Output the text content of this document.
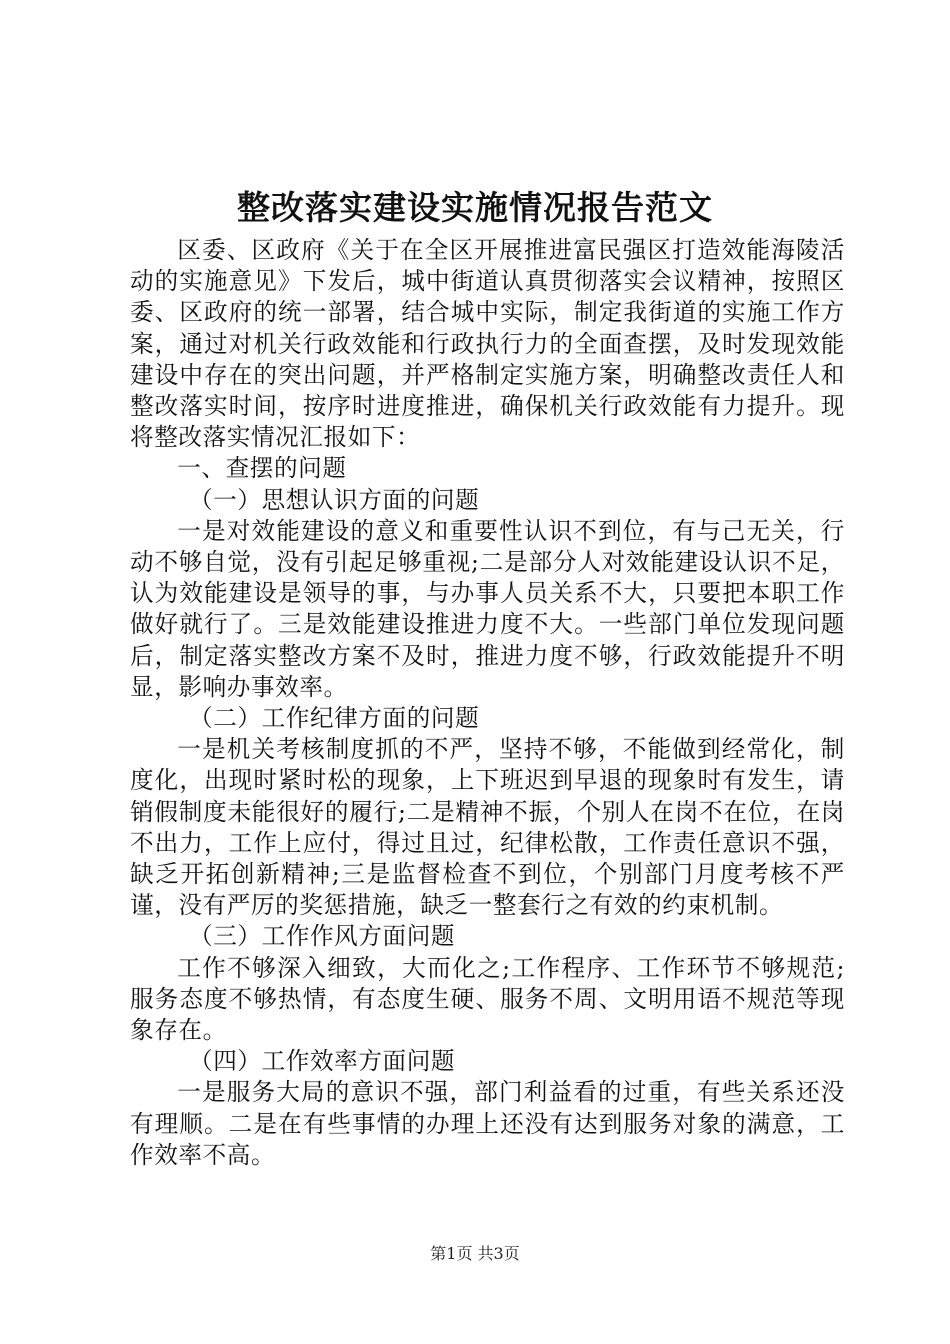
整改落实建设实施情况报告范文

区委、区政府《关于在全区开展推进富民强区打造效能海陵活动的实施意见》下发后，城中街道认真贯彻落实会议精神，按照区委、区政府的统一部署，结合城中实际，制定我街道的实施工作方案，通过对机关行政效能和行政执行力的全面查摆，及时发现效能建设中存在的突出问题，并严格制定实施方案，明确整改责任人和整改落实时间，按序时进度推进，确保机关行政效能有力提升。现将整改落实情况汇报如下：

一、查摆的问题

（一）思想认识方面的问题

一是对效能建设的意义和重要性认识不到位，有与己无关，行动不够自觉，没有引起足够重视;二是部分人对效能建设认识不足，认为效能建设是领导的事，与办事人员关系不大，只要把本职工作做好就行了。三是效能建设推进力度不大。一些部门单位发现问题后，制定落实整改方案不及时，推进力度不够，行政效能提升不明显，影响办事效率。

（二）工作纪律方面的问题

一是机关考核制度抓的不严，坚持不够，不能做到经常化，制度化，出现时紧时松的现象，上下班迟到早退的现象时有发生，请销假制度未能很好的履行;二是精神不振，个别人在岗不在位，在岗不出力，工作上应付，得过且过，纪律松散，工作责任意识不强，缺乏开拓创新精神;三是监督检查不到位，个别部门月度考核不严谨，没有严厉的奖惩措施，缺乏一整套行之有效的约束机制。

（三）工作作风方面问题

工作不够深入细致，大而化之;工作程序、工作环节不够规范;服务态度不够热情，有态度生硬、服务不周、文明用语不规范等现象存在。

（四）工作效率方面问题

一是服务大局的意识不强，部门利益看的过重，有些关系还没有理顺。二是在有些事情的办理上还没有达到服务对象的满意，工作效率不高。

第1页 共3页
